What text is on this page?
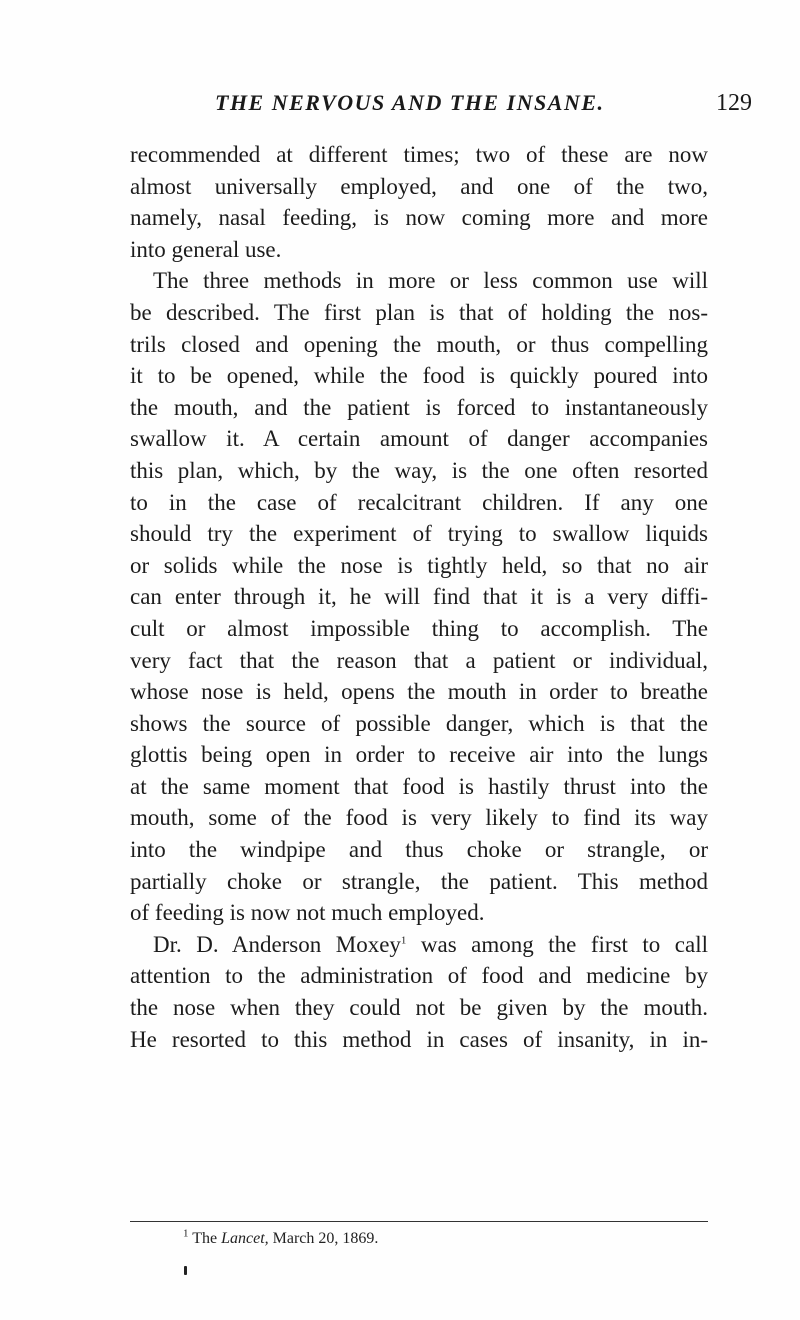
THE NERVOUS AND THE INSANE.	129
recommended at different times; two of these are now
almost universally employed, and one of the two,
namely, nasal feeding, is now coming more and more
into general use.
The three methods in more or less common use will
be described. The first plan is that of holding the nos-
trils closed and opening the mouth, or thus compelling
it to be opened, while the food is quickly poured into
the mouth, and the patient is forced to instantaneously
swallow it. A certain amount of danger accompanies
this plan, which, by the way, is the one often resorted
to in the case of recalcitrant children. If any one
should try the experiment of trying to swallow liquids
or solids while the nose is tightly held, so that no air
can enter through it, he will find that it is a very diffi-
cult or almost impossible thing to accomplish. The
very fact that the reason that a patient or individual,
whose nose is held, opens the mouth in order to breathe
shows the source of possible danger, which is that the
glottis being open in order to receive air into the lungs
at the same moment that food is hastily thrust into the
mouth, some of the food is very likely to find its way
into the windpipe and thus choke or strangle, or
partially choke or strangle, the patient. This method
of feeding is now not much employed.
Dr. D. Anderson Moxey$^1$ was among the first to call
attention to the administration of food and medicine by
the nose when they could not be given by the mouth.
He resorted to this method in cases of insanity, in in-
$^1$ The Lancet, March 20, 1869.
